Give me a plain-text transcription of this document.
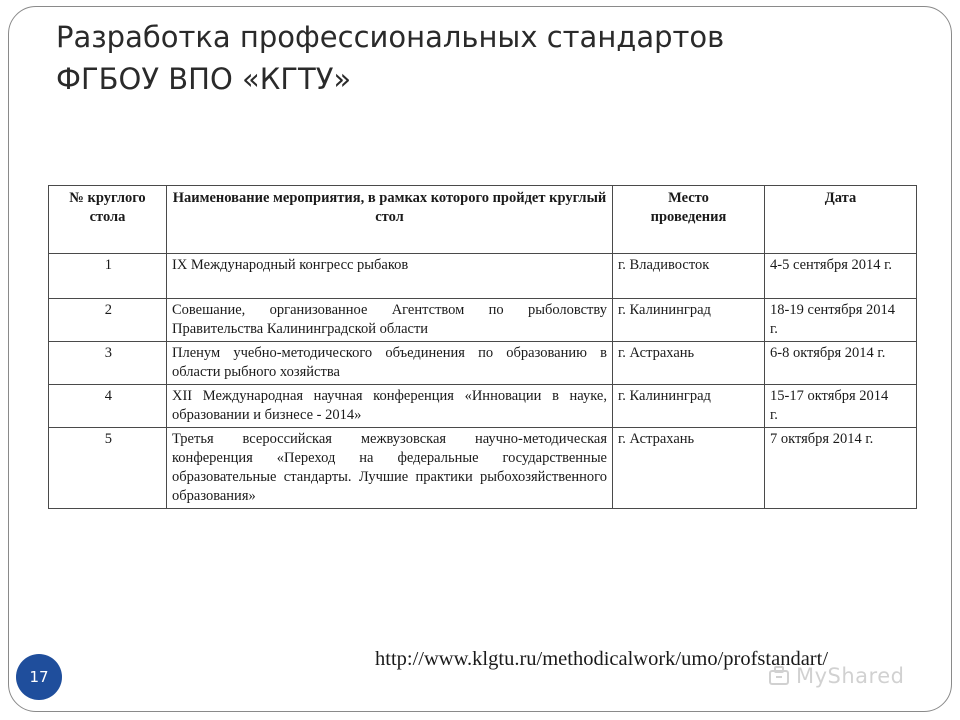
Разработка профессиональных стандартов
ФГБОУ ВПО «КГТУ»
№ круглого стола	Наименование мероприятия, в рамках которого пройдет круглый стол	Место проведения	Дата
1	IX Международный конгресс рыбаков	г. Владивосток	4-5 сентября 2014 г.
2	Совешание, организованное Агентством по рыболовству Правительства Калининградской области	г. Калининград	18-19 сентября 2014 г.
3	Пленум учебно-методического объединения по образованию в области рыбного хозяйства	г. Астрахань	6-8 октября 2014 г.
4	XII Международная научная конференция «Инновации в науке, образовании и бизнесе - 2014»	г. Калининград	15-17 октября 2014 г.
5	Третья всероссийская межвузовская научно-методическая конференция «Переход на федеральные государственные образовательные стандарты. Лучшие практики рыбохозяйственного образования»	г. Астрахань	7 октября 2014 г.
http://www.klgtu.ru/methodicalwork/umo/profstandart/
17	MyShared
